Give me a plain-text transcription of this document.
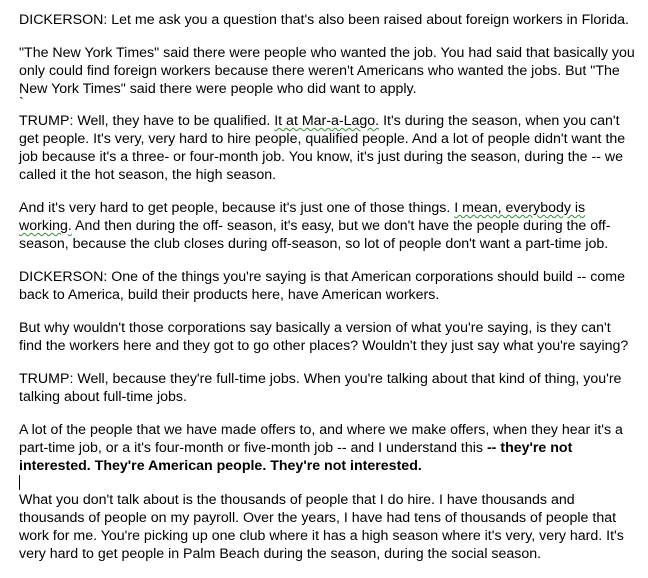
DICKERSON: Let me ask you a question that's also been raised about foreign workers in Florida.

"The New York Times" said there were people who wanted the job. You had said that basically you only could find foreign workers because there weren't Americans who wanted the jobs. But "The New York Times" said there were people who did want to apply.

`

TRUMP: Well, they have to be qualified. It at Mar-a-Lago. It's during the season, when you can't get people. It's very, very hard to hire people, qualified people. And a lot of people didn't want the job because it's a three- or four-month job. You know, it's just during the season, during the -- we called it the hot season, the high season.

And it's very hard to get people, because it's just one of those things. I mean, everybody is working. And then during the off- season, it's easy, but we don't have the people during the off-season, because the club closes during off-season, so lot of people don't want a part-time job.

DICKERSON: One of the things you're saying is that American corporations should build -- come back to America, build their products here, have American workers.

But why wouldn't those corporations say basically a version of what you're saying, is they can't find the workers here and they got to go other places? Wouldn't they just say what you're saying?

TRUMP: Well, because they're full-time jobs. When you're talking about that kind of thing, you're talking about full-time jobs.

A lot of the people that we have made offers to, and where we make offers, when they hear it's a part-time job, or a it's four-month or five-month job -- and I understand this -- they're not interested. They're American people. They're not interested.

What you don't talk about is the thousands of people that I do hire. I have thousands and thousands of people on my payroll. Over the years, I have had tens of thousands of people that work for me. You're picking up one club where it has a high season where it's very, very hard. It's very hard to get people in Palm Beach during the season, during the social season.
